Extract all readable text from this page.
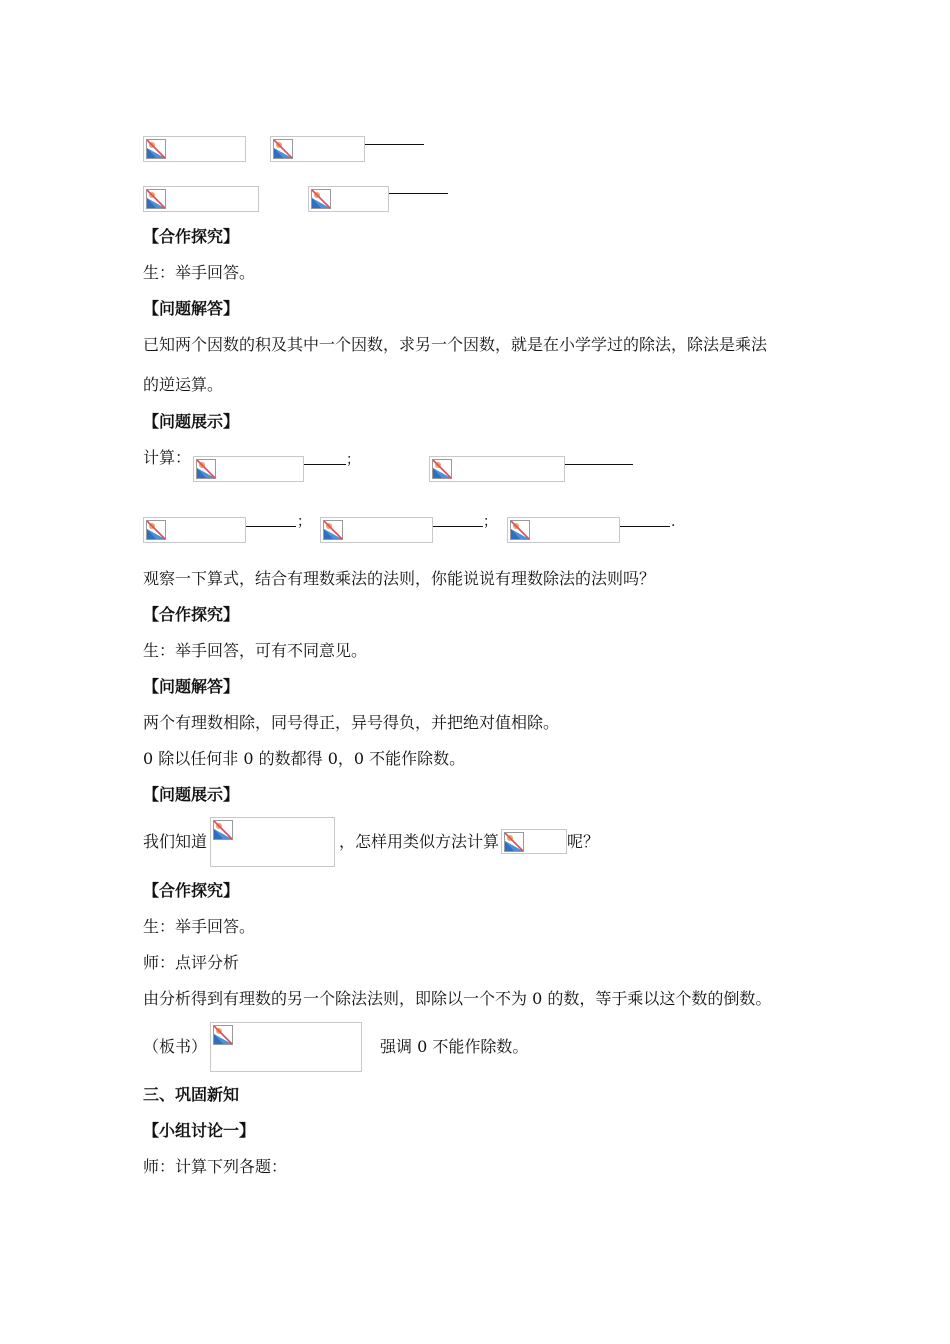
【合作探究】
生：举手回答。
【问题解答】
已知两个因数的积及其中一个因数，求另一个因数，就是在小学学过的除法，除法是乘法
的逆运算。
【问题展示】
计算：	；
；	；	.
观察一下算式，结合有理数乘法的法则，你能说说有理数除法的法则吗？
【合作探究】
生：举手回答，可有不同意见。
【问题解答】
两个有理数相除，同号得正，异号得负，并把绝对值相除。
0 除以任何非 0 的数都得 0，0 不能作除数。
【问题展示】
我们知道	，怎样用类似方法计算	呢？
【合作探究】
生：举手回答。
师：点评分析
由分析得到有理数的另一个除法法则，即除以一个不为 0 的数，等于乘以这个数的倒数。
（板书）	强调 0 不能作除数。
三、巩固新知
【小组讨论一】
师：计算下列各题：
